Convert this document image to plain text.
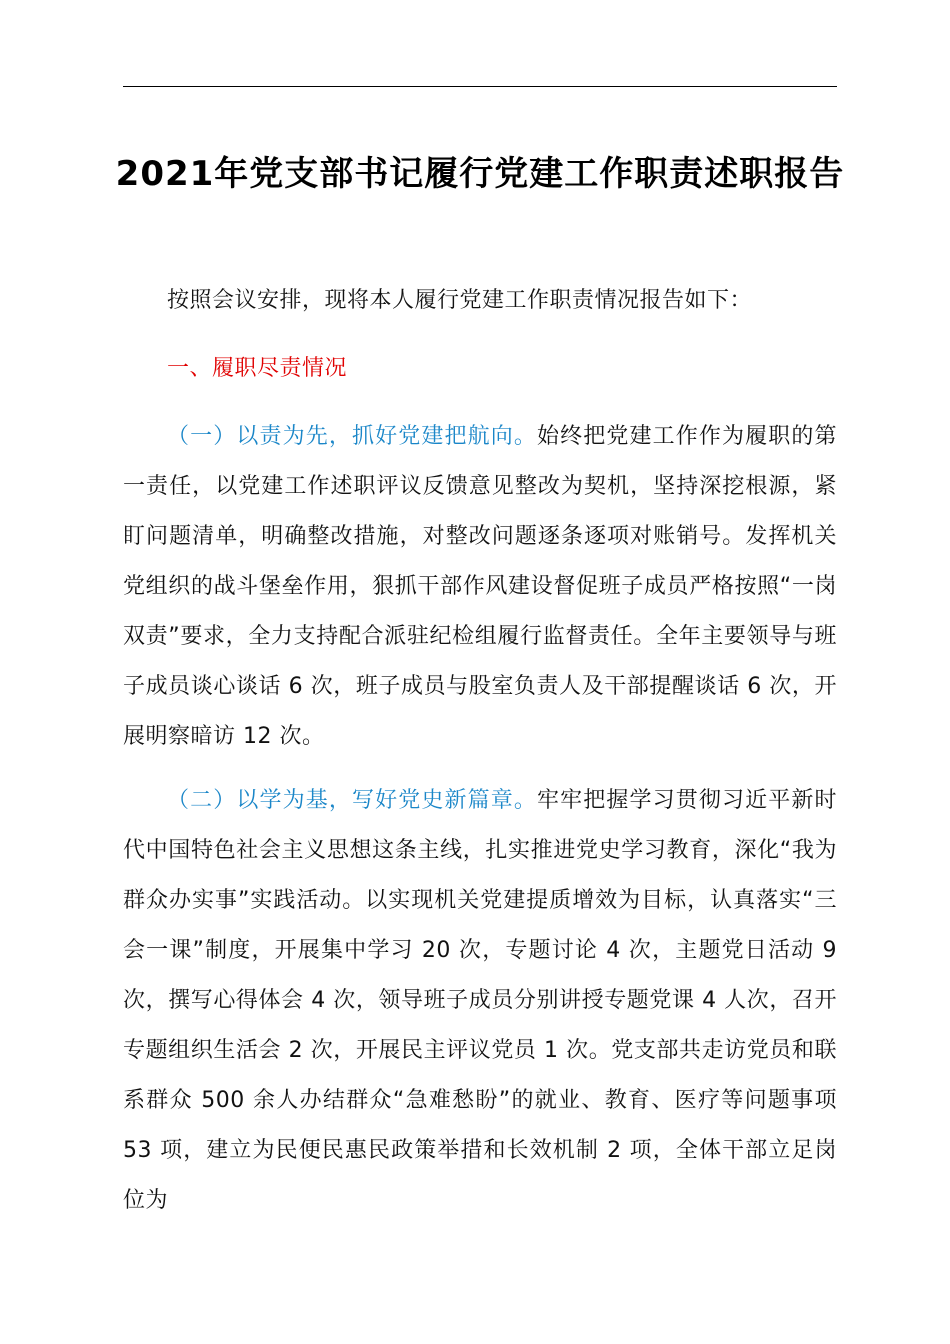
2021年党支部书记履行党建工作职责述职报告

按照会议安排，现将本人履行党建工作职责情况报告如下：

一、履职尽责情况

（一）以责为先，抓好党建把航向。始终把党建工作作为履职的第一责任，以党建工作述职评议反馈意见整改为契机，坚持深挖根源，紧盯问题清单，明确整改措施，对整改问题逐条逐项对账销号。发挥机关党组织的战斗堡垒作用，狠抓干部作风建设督促班子成员严格按照“一岗双责”要求，全力支持配合派驻纪检组履行监督责任。全年主要领导与班子成员谈心谈话 6 次，班子成员与股室负责人及干部提醒谈话 6 次，开展明察暗访 12 次。

（二）以学为基，写好党史新篇章。牢牢把握学习贯彻习近平新时代中国特色社会主义思想这条主线，扎实推进党史学习教育，深化“我为群众办实事”实践活动。以实现机关党建提质增效为目标，认真落实“三会一课”制度，开展集中学习 20 次，专题讨论 4 次，主题党日活动 9 次，撰写心得体会 4 次，领导班子成员分别讲授专题党课 4 人次，召开专题组织生活会 2 次，开展民主评议党员 1 次。党支部共走访党员和联系群众 500 余人办结群众“急难愁盼”的就业、教育、医疗等问题事项 53 项，建立为民便民惠民政策举措和长效机制 2 项，全体干部立足岗位为
